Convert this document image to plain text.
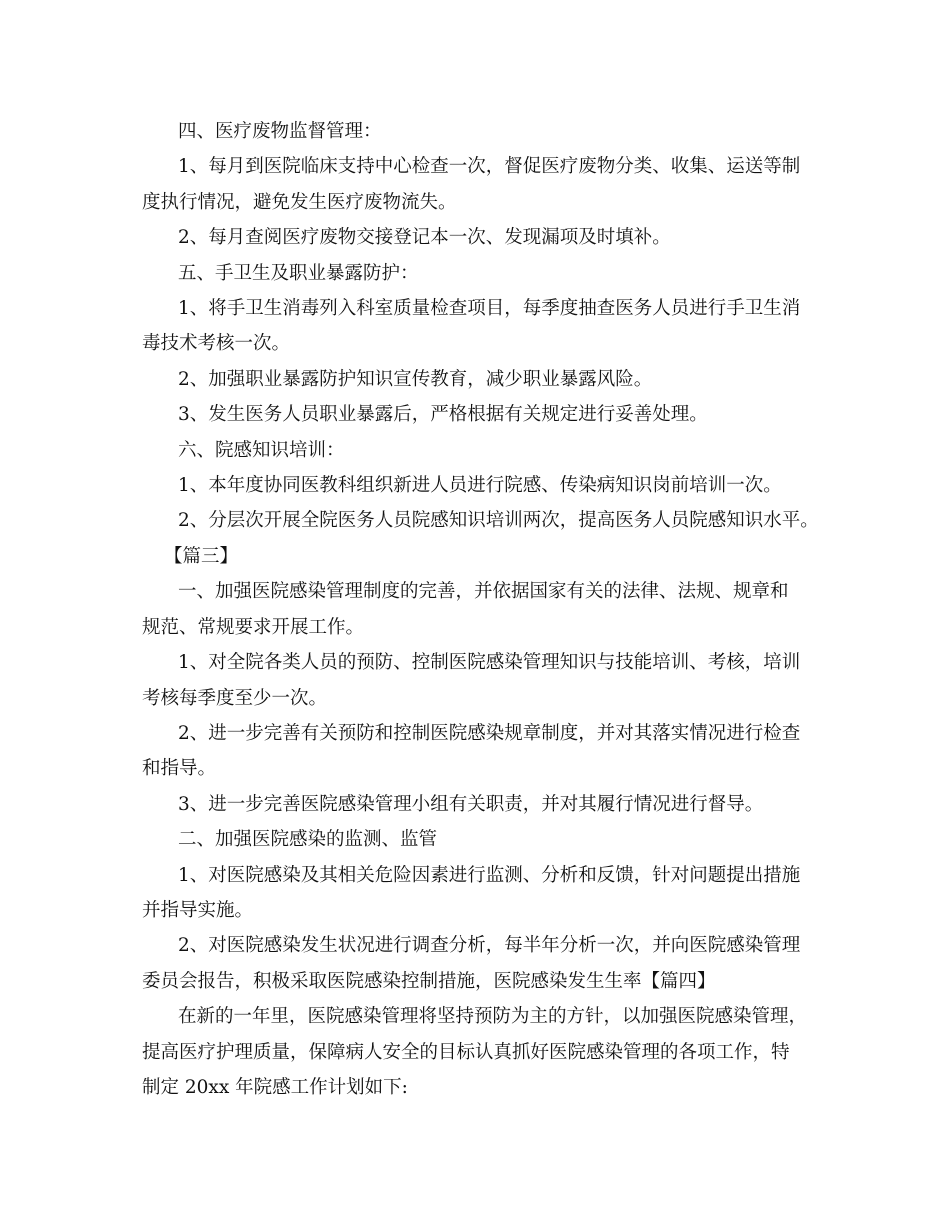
四、医疗废物监督管理：
1、每月到医院临床支持中心检查一次，督促医疗废物分类、收集、运送等制
度执行情况，避免发生医疗废物流失。
2、每月查阅医疗废物交接登记本一次、发现漏项及时填补。
五、手卫生及职业暴露防护：
1、将手卫生消毒列入科室质量检查项目，每季度抽查医务人员进行手卫生消
毒技术考核一次。
2、加强职业暴露防护知识宣传教育，减少职业暴露风险。
3、发生医务人员职业暴露后，严格根据有关规定进行妥善处理。
六、院感知识培训：
1、本年度协同医教科组织新进人员进行院感、传染病知识岗前培训一次。
2、分层次开展全院医务人员院感知识培训两次，提高医务人员院感知识水平。
【篇三】
一、加强医院感染管理制度的完善，并依据国家有关的法律、法规、规章和
规范、常规要求开展工作。
1、对全院各类人员的预防、控制医院感染管理知识与技能培训、考核，培训
考核每季度至少一次。
2、进一步完善有关预防和控制医院感染规章制度，并对其落实情况进行检查
和指导。
3、进一步完善医院感染管理小组有关职责，并对其履行情况进行督导。
二、加强医院感染的监测、监管
1、对医院感染及其相关危险因素进行监测、分析和反馈，针对问题提出措施
并指导实施。
2、对医院感染发生状况进行调查分析，每半年分析一次，并向医院感染管理
委员会报告，积极采取医院感染控制措施，医院感染发生生率【篇四】
在新的一年里，医院感染管理将坚持预防为主的方针，以加强医院感染管理，
提高医疗护理质量，保障病人安全的目标认真抓好医院感染管理的各项工作，特
制定 20xx 年院感工作计划如下:
